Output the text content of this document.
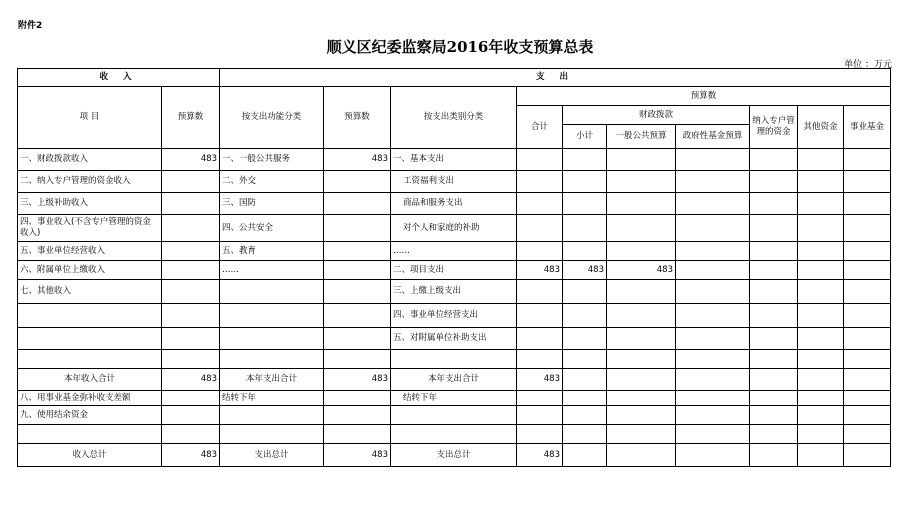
附件2
顺义区纪委监察局2016年收支预算总表
单位 ：万元
收 入		支 出									
项 目	预算数	按支出功能分类	预算数	按支出类别分类	预算数						
					合计	财政拨款			纳入专户管理的资金	其他资金	事业基金
						小计	一般公共预算	政府性基金预算			

一、财政拨款收入	483	一、一般公共服务	483	一、基本支出							
二、纳入专户管理的资金收入		二、外交		工资福利支出							
三、上级补助收入		三、国防		商品和服务支出							
四、事业收入(不含专户管理的资金收入)		四、公共安全		对个人和家庭的补助							
五、事业单位经营收入		五、教育		……							
六、附属单位上缴收入		……		二、项目支出	483	483	483				
七、其他收入				三、上缴上级支出							
				四、事业单位经营支出							
				五、对附属单位补助支出							

本年收入合计	483	本年支出合计	483	本年支出合计	483						
八、用事业基金弥补收支差额		结转下年		结转下年							
九、使用结余资金											

收入总计	483	支出总计	483	支出总计	483						
